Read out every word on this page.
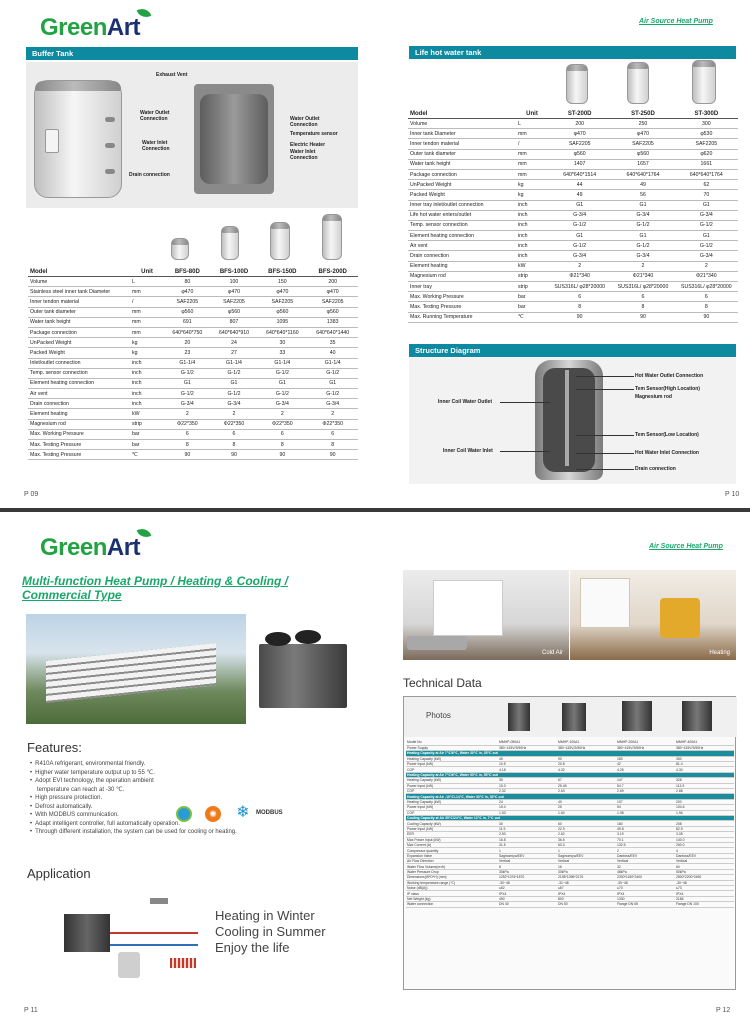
GreenArt	Air Source Heat Pump
Buffer Tank
Exhaust Vent
Water Outlet Connection
Water Inlet Connection
Drain connection
Water Outlet Connection
Temperature sensor
Electric Heater
Water Inlet Connection
Model	Unit	BFS-80D	BFS-100D	BFS-150D	BFS-200D
Volume	L	80	100	150	200
Stainless steel inner tank Diameter	mm	φ470	φ470	φ470	φ470
Inner tendon material	/	SAF2205	SAF2205	SAF2205	SAF2205
Outer tank diameter	mm	φ560	φ560	φ560	φ560
Water tank height	mm	691	807	1095	1383
Package connection	mm	640*640*750	640*640*910	640*640*1160	640*640*1440
UnPacked Weight	kg	20	24	30	35
Packed Weight	kg	23	27	33	40
Inlet/outlet connection	inch	G1-1/4	G1-1/4	G1-1/4	G1-1/4
Temp. sensor connection	inch	G-1/2	G-1/2	G-1/2	G-1/2
Element heating connection	inch	G1	G1	G1	G1
Air vent	inch	G-1/2	G-1/2	G-1/2	G-1/2
Drain connection	inch	G-3/4	G-3/4	G-3/4	G-3/4
Element heating	kW	2	2	2	2
Magnesium rod	strip	Φ22*350	Φ22*350	Φ22*350	Φ22*350
Max. Working Pressure	bar	6	6	6	6
Max. Testing Pressure	bar	8	8	8	8
Max. Testing Pressure	℃	90	90	90	90
P 09
Life hot water tank
Model	Unit	ST-200D	ST-250D	ST-300D
Volume	L	200	250	300
Inner tank Diameter	mm	φ470	φ470	φ530
Inner tendon material	/	SAF2205	SAF2205	SAF2205
Outer tank diameter	mm	φ560	φ560	φ620
Water tank height	mm	1407	1657	1661
Package connection	mm	640*640*1514	640*640*1764	640*640*1764
UnPacked Weight	kg	44	49	62
Packed Weight	kg	49	56	70
Inner tray inlet/outlet connection	inch	G1	G1	G1
Life hot water enters/outlet	inch	G-3/4	G-3/4	G-3/4
Temp. sensor connection	inch	G-1/2	G-1/2	G-1/2
Element heating connection	inch	G1	G1	G1
Air vent	inch	G-1/2	G-1/2	G-1/2
Drain connection	inch	G-3/4	G-3/4	G-3/4
Element heating	kW	2	2	2
Magnesium rod	strip	Φ21*340	Φ21*340	Φ21*340
Inner tray	strip	SUS316L/ φ28*20000	SUS316L/ φ28*20000	SUS316L/ φ28*20000
Max. Working Pressure	bar	6	6	6
Max. Testing Pressure	bar	8	8	8
Max. Running Temperature	℃	90	90	90
Structure Diagram
Hot Water Outlet Connection
Tem Sensor(High Location)
Magnesium rod
Inner Coil Water Outlet
Tem Sensor(Low Location)
Inner Coil Water Inlet	Hot Water Inlet Connection
Drain connection
P 10
GreenArt	Air Source Heat Pump
Multi-function Heat Pump / Heating & Cooling /
Commercial Type
Features:
• R410A refrigerant, environmental friendly.
• Higher water temperature output up to 55 ℃.
• Adopt EVI technology, the operation ambient
temperature can reach at -30 ℃.
• High pressure protection.
• Defrost automatically.
• With MODBUS communication.
• Adapt intelligent controller, full automatically operation.
• Through different installation, the system can be used for cooling or heating.
✺ ❄	MODBUS
Application
Heating in Winter
Cooling in Summer
Enjoy the life
P 11
Cold Air	Heating
Technical Data
Photos
Model No.	MMHP-050A1	MMHP-100A1	MMHP-200A1	MMHP-400A1
Power Supply	380~415V/3/50Hz	380~415V/3/50Hz	380~415V/3/50Hz	380~415V/3/50Hz
Heating Capacity at Air 7℃/6℃, Water 30℃ in, 35℃ out				
Heating Capacity (kW)	45	90	180	350
Power Input (kW)	10.5	20.8	42	81.4
COP	4.18	4.32	4.25	4.30
Heating Capacity at Air 7℃/6℃, Water 50℃ in, 55℃ out				
Heating Capacity (kW)	35	67	147	328
Power Input (kW)	15.3	25.48	54.7	113.9
COP	2.32	2.63	2.69	2.88
Heating Capacity at Air -10℃/-14℃, Water 30℃ in, 35℃ out				
Heating Capacity (kW)	24	40	107	200
Power Input (kW)	15.4	25	54	104.6
COP	1.53	1.60	1.98	1.96
Cooling Capacity at Air 35℃/24℃, Water 12℃ in, 7℃ out				
Cooling Capacity (kW)	30	60	180	208
Power Input (kW)	11.9	22.9	49.8	82.9
EER	2.53	2.62	3.19	3.05
Max Power Input (kW)	16.8	36.5	70.1	140.0
Max Current (A)	31.5	63.3	132.5	260.0
Compressor quantity	1	1	2	4
Expansion Valve	Saginomiya/EEV	Saginomiya/EEV	Danfoss/EEV	Danfoss/EEV
Air Flow Direction	Vertical	Vertical	Vertical	Vertical
Water Flow Volume(m³/h)	8	16	32	60
Water Pressure Drop	30kPa	30kPa	48kPa	50kPa
Dimensions(W*D*H) (mm)	1252*1076*1870	2198*1096*2176	2300*1150*2400	2800*2200*2450
Working temperature range (℃)	-30~48	-31~48	-30~48	-30~48
Noise (dB(A))	≤62	≤67	≤70	≤73
IP class	IPX4	IPX4	IPX4	IPX4
Net Weight (kg)	450	800	1330	2186
Water connection	DN 40	DN 50	Flange DN 65	Flange DN 100
P 12
